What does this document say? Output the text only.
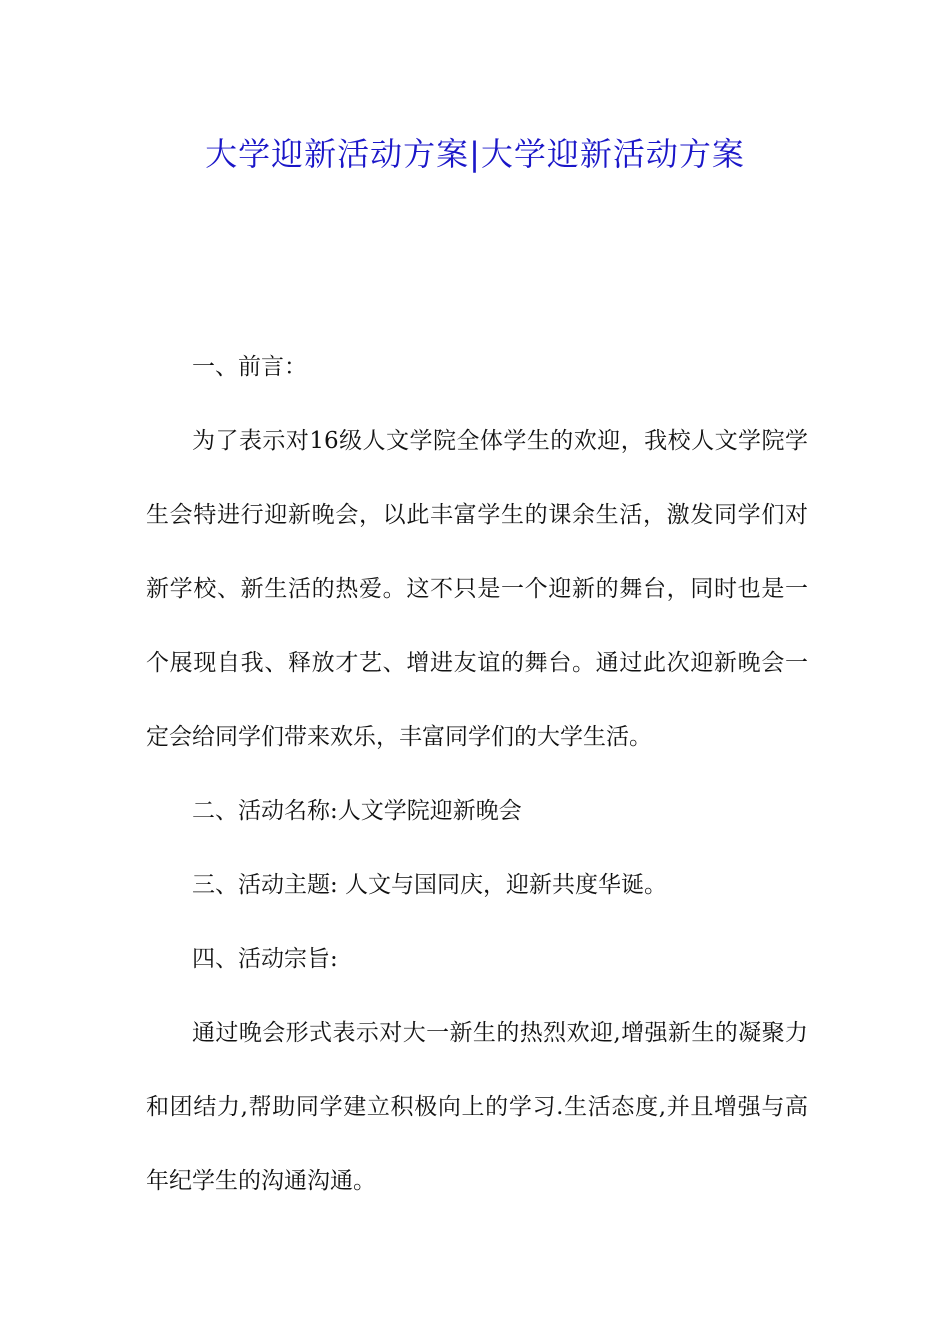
大学迎新活动方案|大学迎新活动方案

一、前言：

为了表示对16级人文学院全体学生的欢迎，我校人文学院学生会特进行迎新晚会，以此丰富学生的课余生活，激发同学们对新学校、新生活的热爱。这不只是一个迎新的舞台，同时也是一个展现自我、释放才艺、增进友谊的舞台。通过此次迎新晚会一定会给同学们带来欢乐，丰富同学们的大学生活。

二、活动名称:人文学院迎新晚会

三、活动主题: 人文与国同庆，迎新共度华诞。

四、活动宗旨:

通过晚会形式表示对大一新生的热烈欢迎,增强新生的凝聚力和团结力,帮助同学建立积极向上的学习.生活态度,并且增强与高年纪学生的沟通沟通。
